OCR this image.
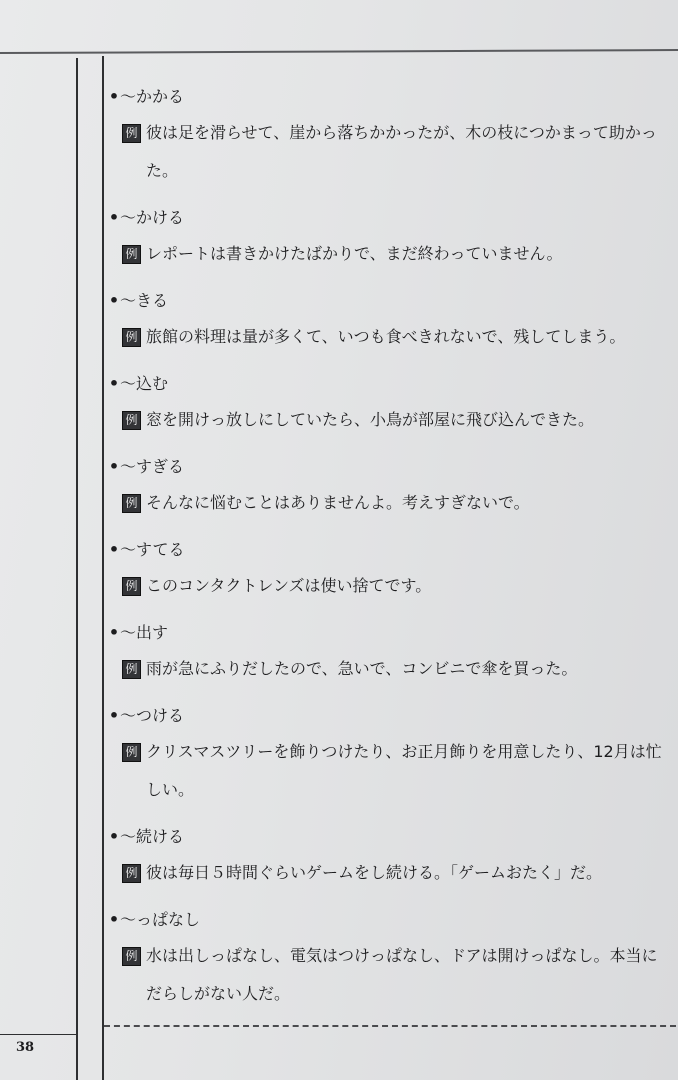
38
•〜かかる
例 彼は足を滑らせて、崖から落ちかかったが、木の枝につかまって助かった。
•〜かける
例 レポートは書きかけたばかりで、まだ終わっていません。
•〜きる
例 旅館の料理は量が多くて、いつも食べきれないで、残してしまう。
•〜込む
例 窓を開けっ放しにしていたら、小鳥が部屋に飛び込んできた。
•〜すぎる
例 そんなに悩むことはありませんよ。考えすぎないで。
•〜すてる
例 このコンタクトレンズは使い捨てです。
•〜出す
例 雨が急にふりだしたので、急いで、コンビニで傘を買った。
•〜つける
例 クリスマスツリーを飾りつけたり、お正月飾りを用意したり、12月は忙しい。
•〜続ける
例 彼は毎日５時間ぐらいゲームをし続ける。「ゲームおたく」だ。
•〜っぱなし
例 水は出しっぱなし、電気はつけっぱなし、ドアは開けっぱなし。本当にだらしがない人だ。
